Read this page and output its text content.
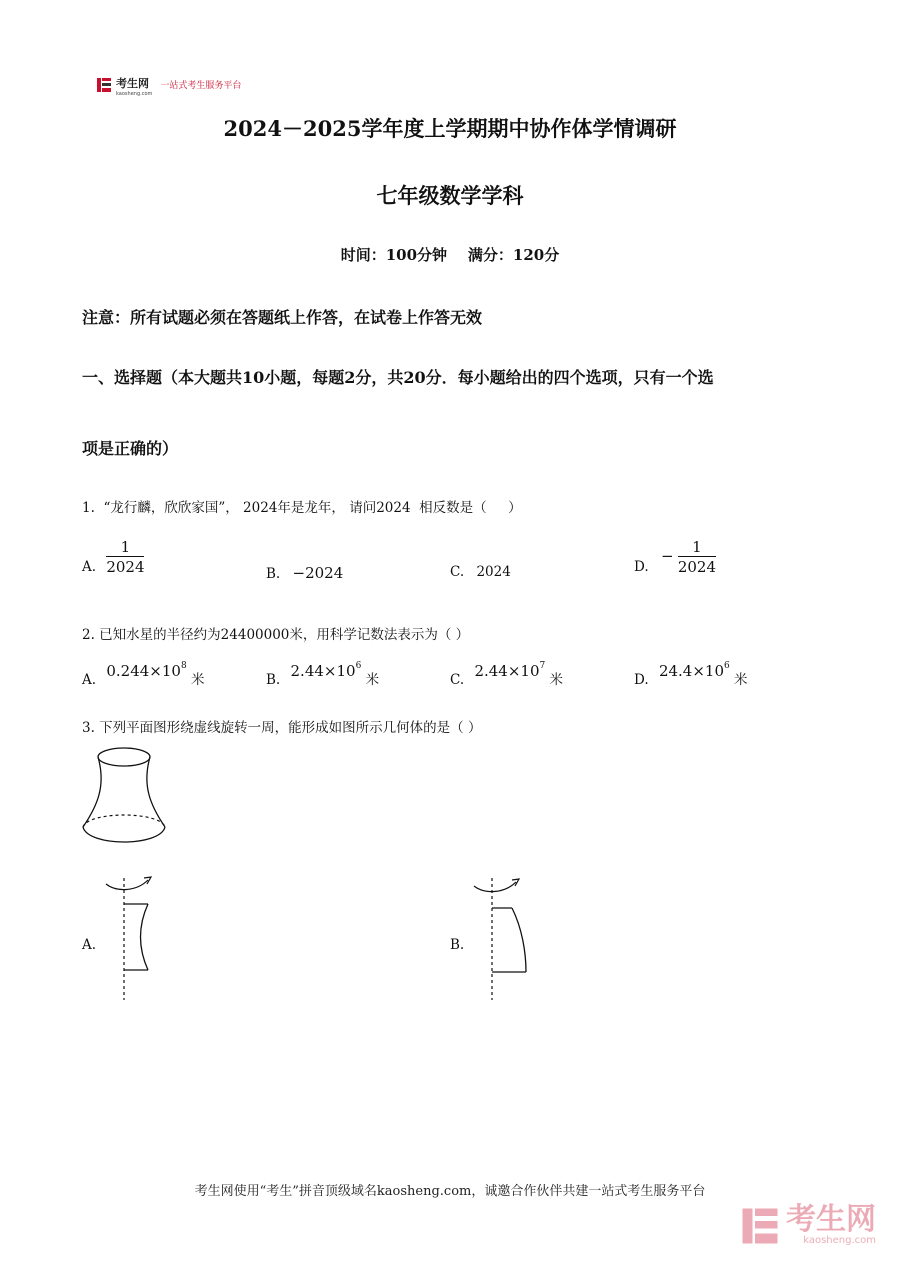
考生网
kaosheng.com
一站式考生服务平台
2024－2025学年度上学期期中协作体学情调研
七年级数学学科
时间：100分钟    满分：120分
注意：所有试题必须在答题纸上作答，在试卷上作答无效
一、选择题（本大题共10小题，每题2分，共20分．每小题给出的四个选项，只有一个选
项是正确的）
1.  “龙行麟，欣欣家国”， 2024年是龙年， 请问2024  相反数是（     ）
A. $\frac{1}{2024}$	B. −2024	C. 2024	D. − $\frac{1}{2024}$
2. 已知水星的半径约为24400000米，用科学记数法表示为（ ）
A. $0.244\times 10^8$ 米	B. $2.44\times 10^6$ 米	C. $2.44\times 10^7$ 米	D. $24.4\times 10^6$ 米
3. 下列平面图形绕虚线旋转一周，能形成如图所示几何体的是（ ）
A.	B.
考生网使用“考生”拼音顶级域名kaosheng.com，诚邀合作伙伴共建一站式考生服务平台
考生网
kaosheng.com
